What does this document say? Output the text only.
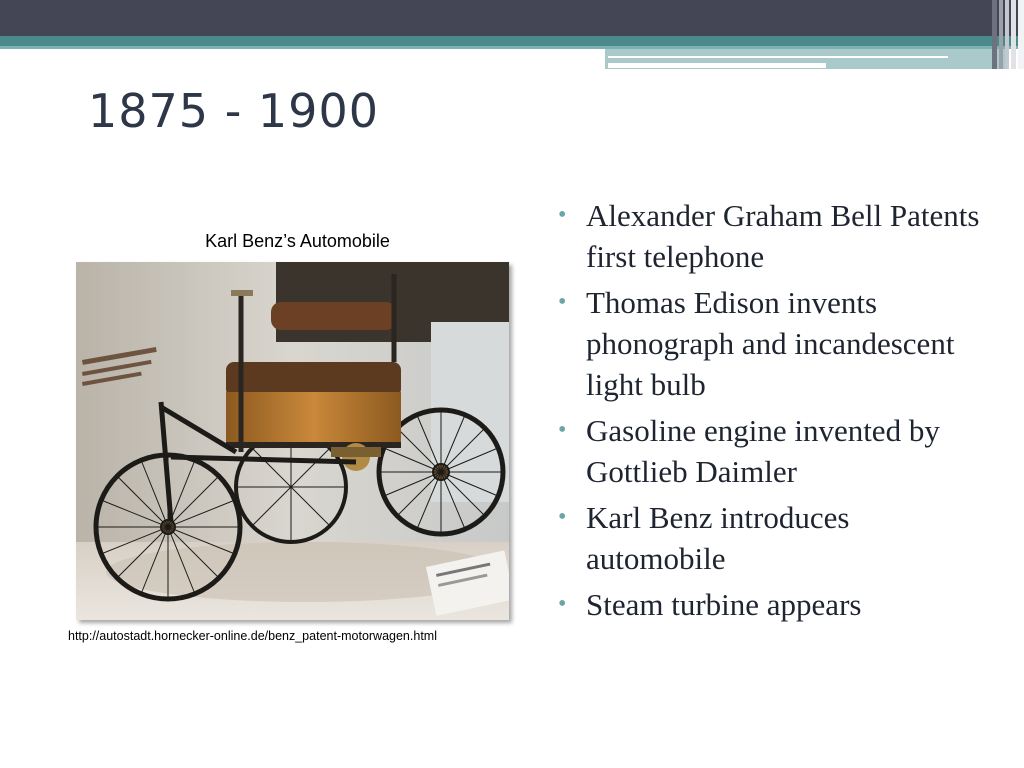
1875 - 1900
Karl Benz’s Automobile
http://autostadt.hornecker-online.de/benz_patent-motorwagen.html
• Alexander Graham Bell Patents first telephone
• Thomas Edison invents phonograph and incandescent light bulb
• Gasoline engine invented by Gottlieb Daimler
• Karl Benz introduces automobile
• Steam turbine appears
